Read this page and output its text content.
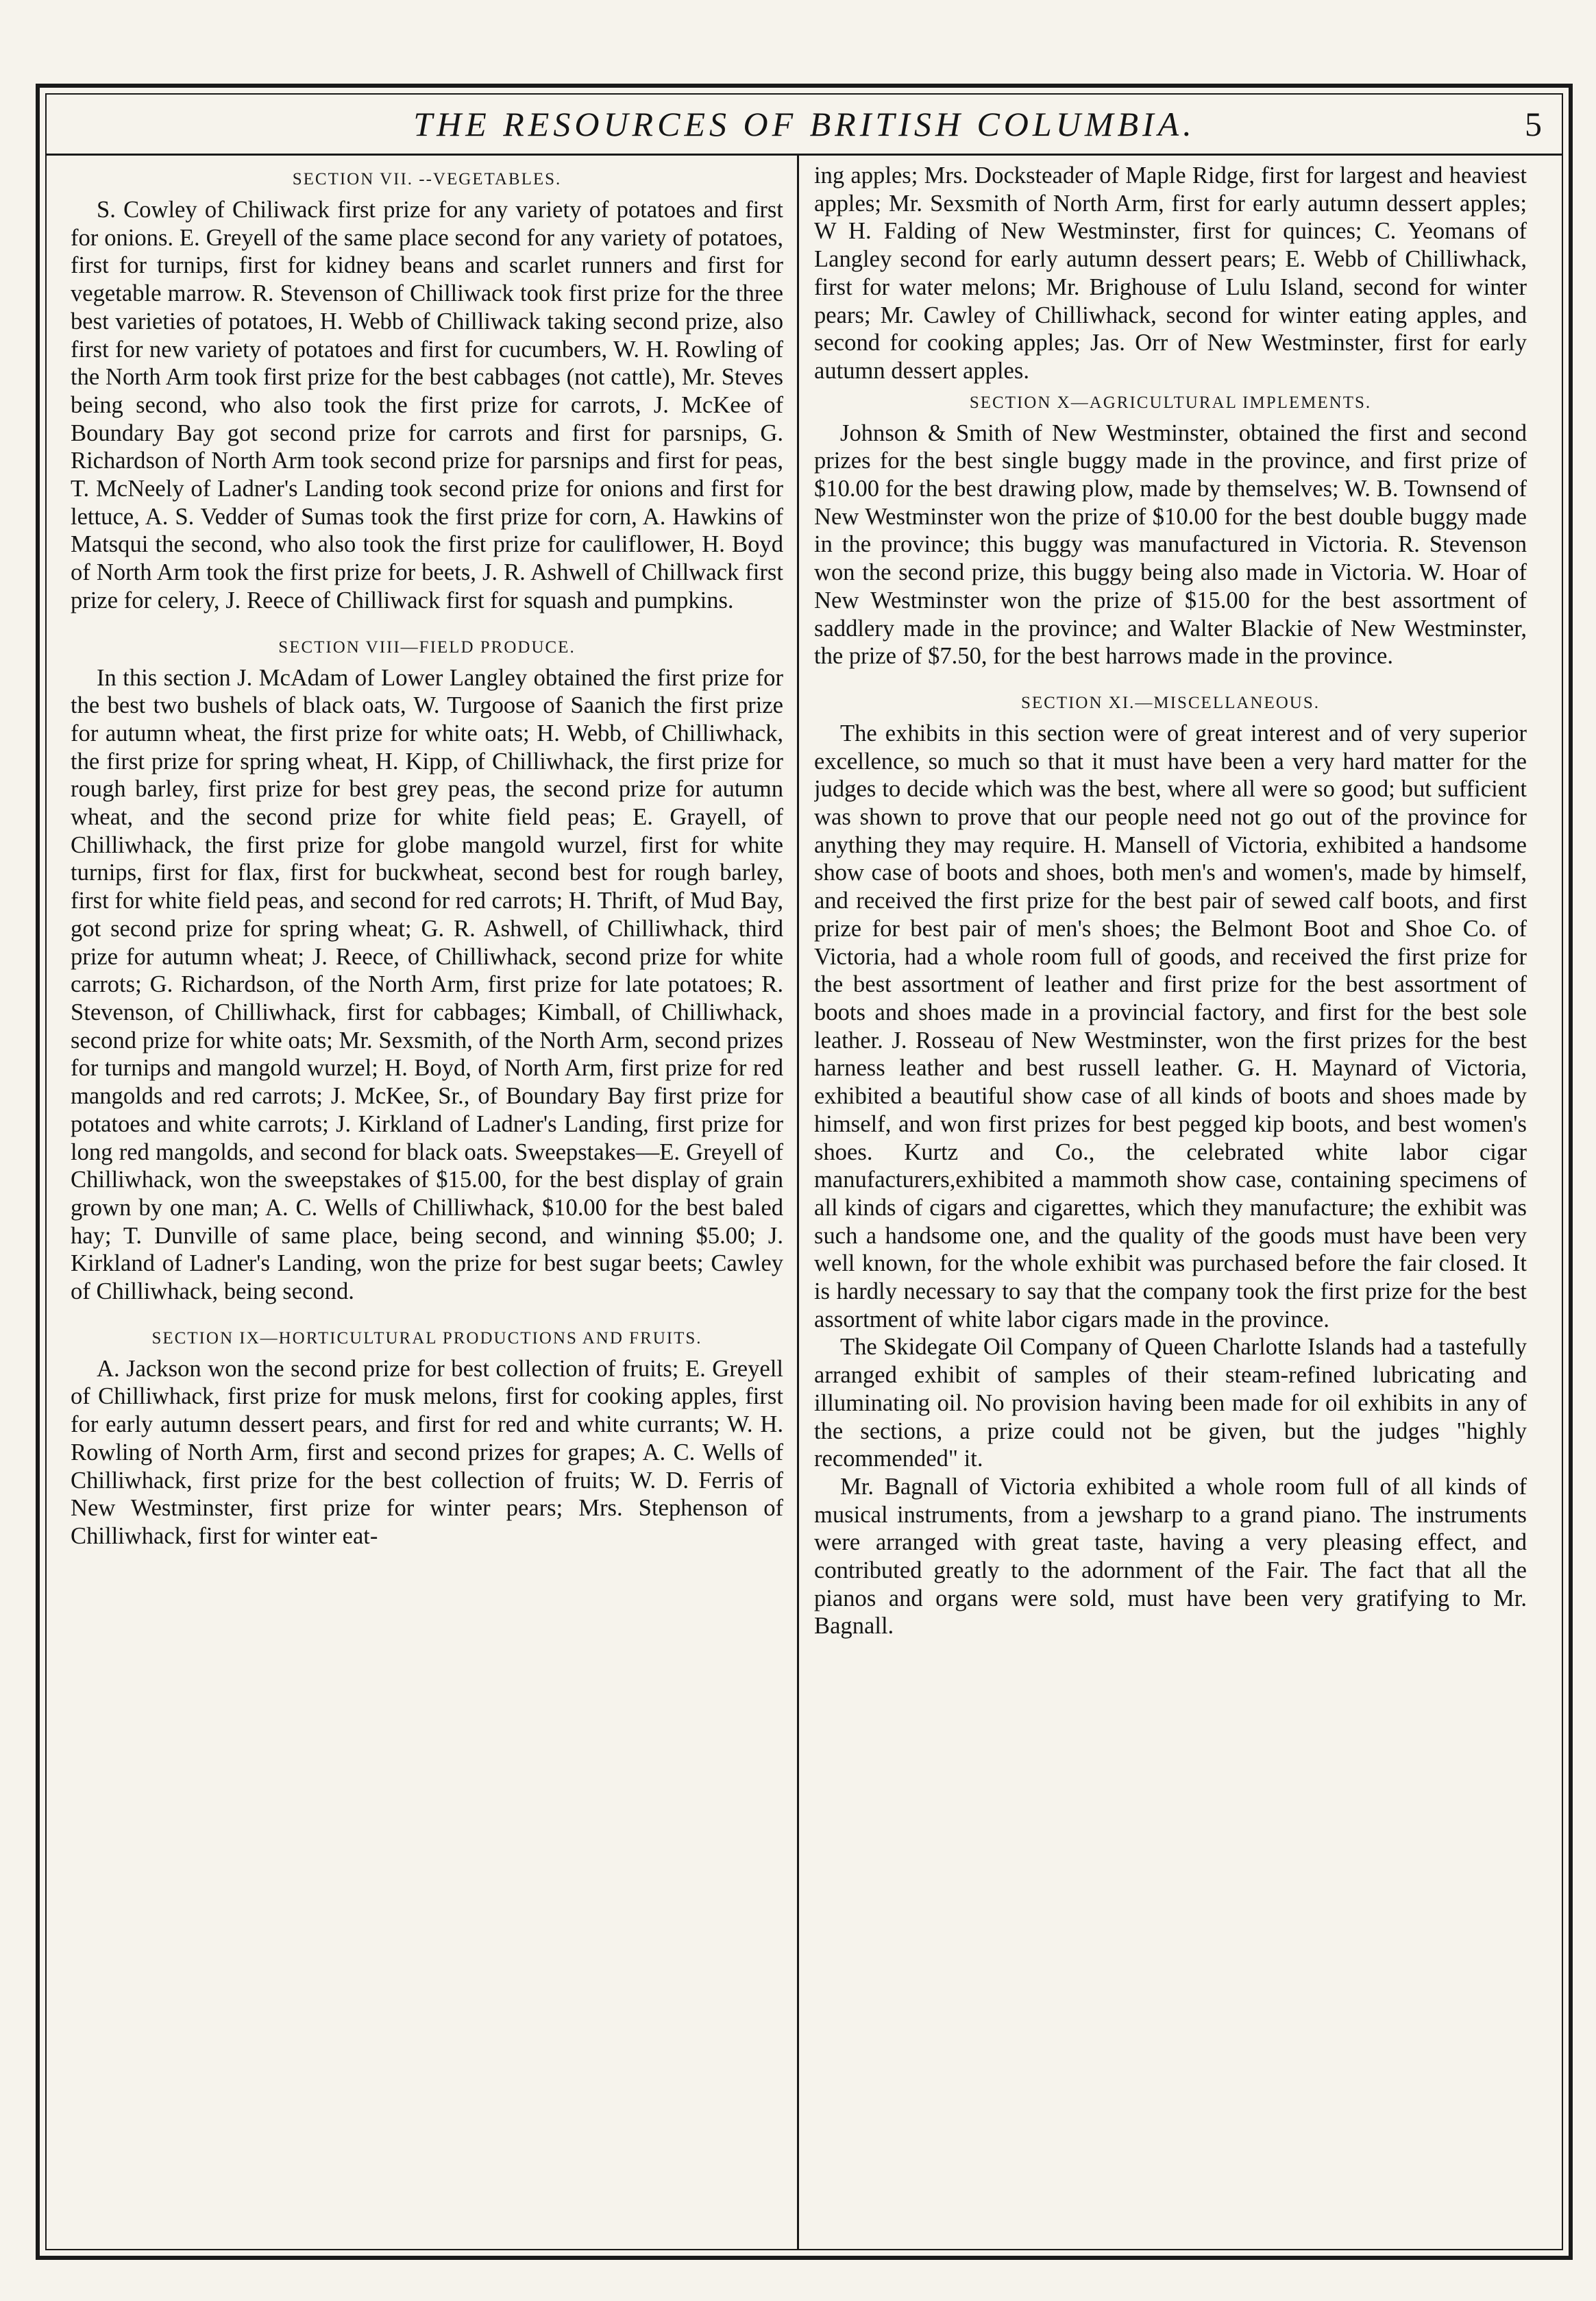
THE RESOURCES OF BRITISH COLUMBIA.	5
SECTION VII. --VEGETABLES.

S. Cowley of Chiliwack first prize for any variety of potatoes and first for onions. E. Greyell of the same place second for any variety of potatoes, first for turnips, first for kidney beans and scarlet runners and first for vegetable marrow. R. Stevenson of Chilliwack took first prize for the three best varieties of potatoes, H. Webb of Chilliwack taking second prize, also first for new variety of potatoes and first for cucumbers, W. H. Rowling of the North Arm took first prize for the best cabbages (not cattle), Mr. Steves being second, who also took the first prize for carrots, J. McKee of Boundary Bay got second prize for carrots and first for parsnips, G. Richardson of North Arm took second prize for parsnips and first for peas, T. McNeely of Ladner's Landing took second prize for onions and first for lettuce, A. S. Vedder of Sumas took the first prize for corn, A. Hawkins of Matsqui the second, who also took the first prize for cauliflower, H. Boyd of North Arm took the first prize for beets, J. R. Ashwell of Chillwack first prize for celery, J. Reece of Chilliwack first for squash and pumpkins.

SECTION VIII—FIELD PRODUCE.

In this section J. McAdam of Lower Langley obtained the first prize for the best two bushels of black oats, W. Turgoose of Saanich the first prize for autumn wheat, the first prize for white oats; H. Webb, of Chilliwhack, the first prize for spring wheat, H. Kipp, of Chilliwhack, the first prize for rough barley, first prize for best grey peas, the second prize for autumn wheat, and the second prize for white field peas; E. Grayell, of Chilliwhack, the first prize for globe mangold wurzel, first for white turnips, first for flax, first for buckwheat, second best for rough barley, first for white field peas, and second for red carrots; H. Thrift, of Mud Bay, got second prize for spring wheat; G. R. Ashwell, of Chilliwhack, third prize for autumn wheat; J. Reece, of Chilliwhack, second prize for white carrots; G. Richardson, of the North Arm, first prize for late potatoes; R. Stevenson, of Chilliwhack, first for cabbages; Kimball, of Chilliwhack, second prize for white oats; Mr. Sexsmith, of the North Arm, second prizes for turnips and mangold wurzel; H. Boyd, of North Arm, first prize for red mangolds and red carrots; J. McKee, Sr., of Boundary Bay first prize for potatoes and white carrots; J. Kirkland of Ladner's Landing, first prize for long red mangolds, and second for black oats. Sweepstakes—E. Greyell of Chilliwhack, won the sweepstakes of $15.00, for the best display of grain grown by one man; A. C. Wells of Chilliwhack, $10.00 for the best baled hay; T. Dunville of same place, being second, and winning $5.00; J. Kirkland of Ladner's Landing, won the prize for best sugar beets; Cawley of Chilliwhack, being second.

SECTION IX—HORTICULTURAL PRODUCTIONS AND FRUITS.

A. Jackson won the second prize for best collection of fruits; E. Greyell of Chilliwhack, first prize for musk melons, first for cooking apples, first for early autumn dessert pears, and first for red and white currants; W. H. Rowling of North Arm, first and second prizes for grapes; A. C. Wells of Chilliwhack, first prize for the best collection of fruits; W. D. Ferris of New Westminster, first prize for winter pears; Mrs. Stephenson of Chilliwhack, first for winter eat-

ing apples; Mrs. Docksteader of Maple Ridge, first for largest and heaviest apples; Mr. Sexsmith of North Arm, first for early autumn dessert apples; W H. Falding of New Westminster, first for quinces; C. Yeomans of Langley second for early autumn dessert pears; E. Webb of Chilliwhack, first for water melons; Mr. Brighouse of Lulu Island, second for winter pears; Mr. Cawley of Chilliwhack, second for winter eating apples, and second for cooking apples; Jas. Orr of New Westminster, first for early autumn dessert apples.

SECTION X—AGRICULTURAL IMPLEMENTS.

Johnson & Smith of New Westminster, obtained the first and second prizes for the best single buggy made in the province, and first prize of $10.00 for the best drawing plow, made by themselves; W. B. Townsend of New Westminster won the prize of $10.00 for the best double buggy made in the province; this buggy was manufactured in Victoria. R. Stevenson won the second prize, this buggy being also made in Victoria. W. Hoar of New Westminster won the prize of $15.00 for the best assortment of saddlery made in the province; and Walter Blackie of New Westminster, the prize of $7.50, for the best harrows made in the province.

SECTION XI.—MISCELLANEOUS.

The exhibits in this section were of great interest and of very superior excellence, so much so that it must have been a very hard matter for the judges to decide which was the best, where all were so good; but sufficient was shown to prove that our people need not go out of the province for anything they may require. H. Mansell of Victoria, exhibited a handsome show case of boots and shoes, both men's and women's, made by himself, and received the first prize for the best pair of sewed calf boots, and first prize for best pair of men's shoes; the Belmont Boot and Shoe Co. of Victoria, had a whole room full of goods, and received the first prize for the best assortment of leather and first prize for the best assortment of boots and shoes made in a provincial factory, and first for the best sole leather. J. Rosseau of New Westminster, won the first prizes for the best harness leather and best russell leather. G. H. Maynard of Victoria, exhibited a beautiful show case of all kinds of boots and shoes made by himself, and won first prizes for best pegged kip boots, and best women's shoes. Kurtz and Co., the celebrated white labor cigar manufacturers,exhibited a mammoth show case, containing specimens of all kinds of cigars and cigarettes, which they manufacture; the exhibit was such a handsome one, and the quality of the goods must have been very well known, for the whole exhibit was purchased before the fair closed. It is hardly necessary to say that the company took the first prize for the best assortment of white labor cigars made in the province.

The Skidegate Oil Company of Queen Charlotte Islands had a tastefully arranged exhibit of samples of their steam-refined lubricating and illuminating oil. No provision having been made for oil exhibits in any of the sections, a prize could not be given, but the judges "highly recommended" it.

Mr. Bagnall of Victoria exhibited a whole room full of all kinds of musical instruments, from a jewsharp to a grand piano. The instruments were arranged with great taste, having a very pleasing effect, and contributed greatly to the adornment of the Fair. The fact that all the pianos and organs were sold, must have been very gratifying to Mr. Bagnall.
